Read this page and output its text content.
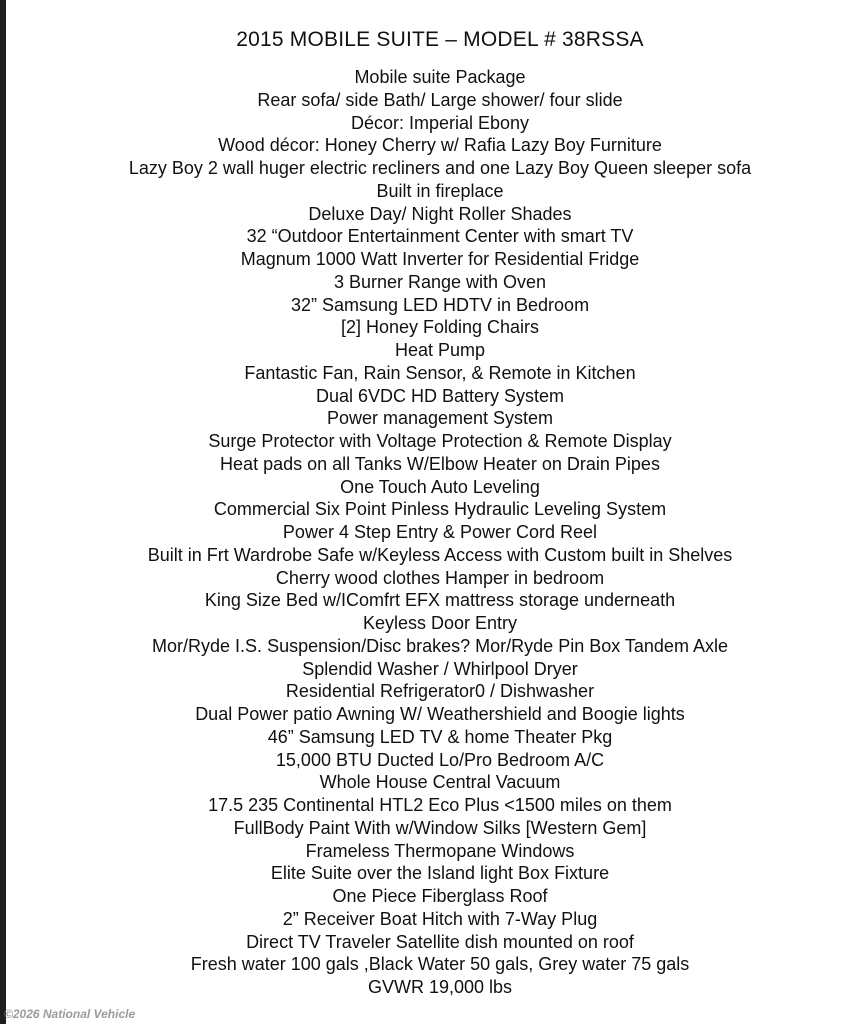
2015 MOBILE SUITE – MODEL # 38RSSA
Mobile suite Package
Rear sofa/ side Bath/ Large shower/ four slide
Décor: Imperial Ebony
Wood décor: Honey Cherry w/ Rafia Lazy Boy Furniture
Lazy Boy 2 wall huger electric recliners and one Lazy Boy Queen sleeper sofa
Built in fireplace
Deluxe Day/ Night Roller Shades
32 “Outdoor Entertainment Center with smart TV
Magnum 1000 Watt Inverter for Residential Fridge
3 Burner Range with Oven
32” Samsung LED HDTV in Bedroom
[2] Honey Folding Chairs
Heat Pump
Fantastic Fan, Rain Sensor, & Remote in Kitchen
Dual 6VDC HD Battery System
Power management System
Surge Protector with Voltage Protection & Remote Display
Heat pads on all Tanks W/Elbow Heater on Drain Pipes
One Touch Auto Leveling
Commercial Six Point Pinless Hydraulic Leveling System
Power 4 Step Entry & Power Cord Reel
Built in Frt Wardrobe Safe w/Keyless Access with Custom built in Shelves
Cherry wood clothes Hamper in bedroom
King Size Bed w/IComfrt EFX mattress storage underneath
Keyless Door Entry
Mor/Ryde I.S. Suspension/Disc brakes? Mor/Ryde Pin Box Tandem Axle
Splendid Washer / Whirlpool Dryer
Residential Refrigerator0 / Dishwasher
Dual Power patio Awning W/ Weathershield and Boogie lights
46” Samsung LED TV & home Theater Pkg
15,000 BTU Ducted Lo/Pro Bedroom A/C
Whole House Central Vacuum
17.5 235 Continental HTL2 Eco Plus <1500 miles on them
FullBody Paint With w/Window Silks [Western Gem]
Frameless Thermopane Windows
Elite Suite over the Island light Box Fixture
One Piece Fiberglass Roof
2” Receiver Boat Hitch with 7-Way Plug
Direct TV Traveler Satellite dish mounted on roof
Fresh water 100 gals ,Black Water 50 gals, Grey water 75 gals
GVWR 19,000 lbs
©2026 National Vehicle
